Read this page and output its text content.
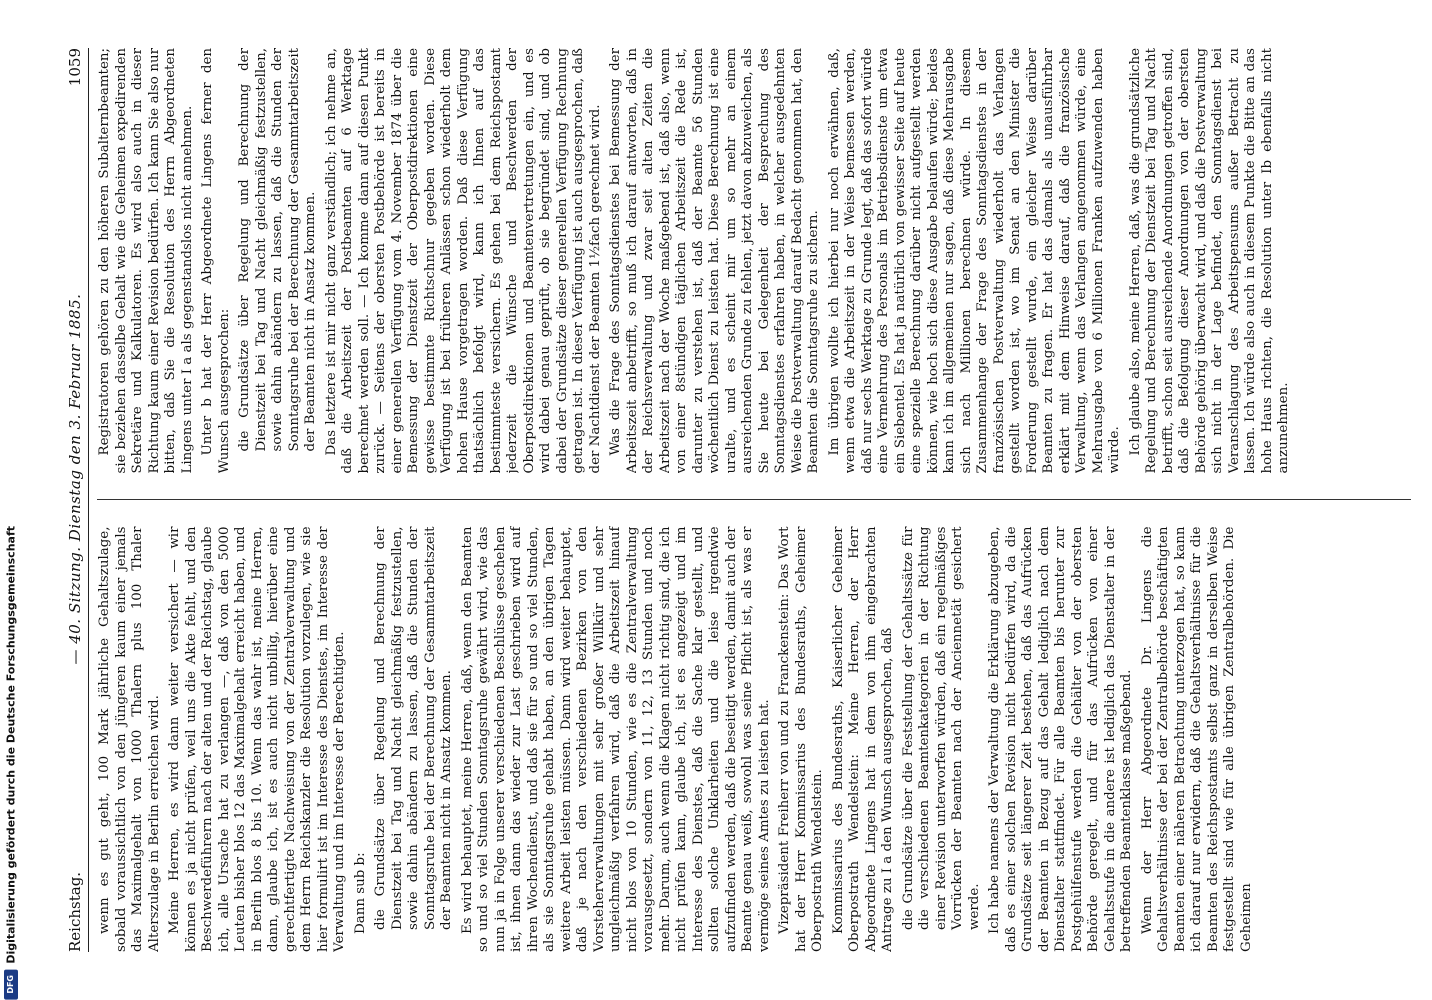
DFG
Digitalisierung gefördert durch die Deutsche Forschungsgemeinschaft	Reichstag.
— 40. Sitzung. Dienstag den 3. Februar 1885.
1059

wenn es gut geht, 100 Mark jährliche Gehaltszulage, sobald voraussichtlich von den jüngeren kaum einer jemals das Maximalgehalt von 1000 Thalern plus 100 Thaler Alterszulage in Berlin erreichen wird. Meine Herren, es wird dann weiter versichert — wir können es ja nicht prüfen, weil uns die Akte fehlt, und den Beschwerdeführern nach der alten und der Reichstag, glaube ich, alle Ursache hat zu verlangen —, daß von den 5000 Leuten bisher blos 12 das Maximalgehalt erreicht haben, und in Berlin blos 8 bis 10. Wenn das wahr ist, meine Herren, dann, glaube ich, ist es auch nicht unbillig, hierüber eine gerechtfertigte Nachweisung von der Zentralverwaltung und dem Herrn Reichskanzler die Resolution vorzulegen, wie sie hier formulirt ist im Interesse des Dienstes, im Interesse der Verwaltung und im Interesse der Berechtigten. Dann sub b: die Grundsätze über Regelung und Berechnung der Dienstzeit bei Tag und Nacht gleichmäßig festzustellen, sowie dahin abändern zu lassen, daß die Stunden der Sonntagsruhe bei der Berechnung der Gesammtarbeitszeit der Beamten nicht in Ansatz kommen. Es wird behauptet, meine Herren, daß, wenn den Beamten so und so viel Stunden Sonntagsruhe gewährt wird, wie das nun ja in Folge unserer verschiedenen Beschlüsse geschehen ist, ihnen dann das wieder zur Last geschrieben wird auf ihren Wochendienst, und daß sie für so und so viel Stunden, als sie Sonntagsruhe gehabt haben, an den übrigen Tagen weitere Arbeit leisten müssen. Dann wird weiter behauptet, daß je nach den verschiedenen Bezirken von den Vorsteherverwaltungen mit sehr großer Willkür und sehr ungleichmäßig verfahren wird, daß die Arbeitszeit hinauf nicht blos von 10 Stunden, wie es die Zentralverwaltung vorausgesetzt, sondern von 11, 12, 13 Stunden und noch mehr. Darum, auch wenn die Klagen nicht richtig sind, die ich nicht prüfen kann, glaube ich, ist es angezeigt und im Interesse des Dienstes, daß die Sache klar gestellt, und sollten solche Unklarheiten und die leise irgendwie aufzufinden werden, daß die beseitigt werden, damit auch der Beamte genau weiß, sowohl was seine Pflicht ist, als was er vermöge seines Amtes zu leisten hat. Vizepräsident Freiherr von und zu Franckenstein: Das Wort hat der Herr Kommissarius des Bundesraths, Geheimer Oberpostrath Wendelstein. Kommissarius des Bundesraths, Kaiserlicher Geheimer Oberpostrath Wendelstein: Meine Herren, der Herr Abgeordnete Lingens hat in dem von ihm eingebrachten Antrage zu I a den Wunsch ausgesprochen, daß die Grundsätze über die Feststellung der Gehaltssätze für die verschiedenen Beamtenkategorien in der Richtung einer Revision unterworfen würden, daß ein regelmäßiges Vorrücken der Beamten nach der Anciennetät gesichert werde. Ich habe namens der Verwaltung die Erklärung abzugeben, daß es einer solchen Revision nicht bedürfen wird, da die Grundsätze seit längerer Zeit bestehen, daß das Aufrücken der Beamten in Bezug auf das Gehalt lediglich nach dem Dienstalter stattfindet. Für alle Beamten bis herunter zur Postgehülfenstufe werden die Gehälter von der obersten Behörde geregelt, und für das Aufrücken von einer Gehaltsstufe in die andere ist lediglich das Dienstalter in der betreffenden Beamtenklasse maßgebend. Wenn der Herr Abgeordnete Dr. Lingens die Gehaltsverhältnisse der bei der Zentralbehörde beschäftigten Beamten einer näheren Betrachtung unterzogen hat, so kann ich darauf nur erwidern, daß die Gehaltsverhältnisse für die Beamten des Reichspostamts selbst ganz in derselben Weise festgestellt sind wie für alle übrigen Zentralbehörden. Die Geheimen

Registratoren gehören zu den höheren Subalternbeamten; sie beziehen dasselbe Gehalt wie die Geheimen expedirenden Sekretäre und Kalkulatoren. Es wird also auch in dieser Richtung kaum einer Revision bedürfen. Ich kann Sie also nur bitten, daß Sie die Resolution des Herrn Abgeordneten Lingens unter I a als gegenstandslos nicht annehmen. Unter b hat der Herr Abgeordnete Lingens ferner den Wunsch ausgesprochen: die Grundsätze über Regelung und Berechnung der Dienstzeit bei Tag und Nacht gleichmäßig festzustellen, sowie dahin abändern zu lassen, daß die Stunden der Sonntagsruhe bei der Berechnung der Gesammtarbeitszeit der Beamten nicht in Ansatz kommen. Das letztere ist mir nicht ganz verständlich; ich nehme an, daß die Arbeitszeit der Postbeamten auf 6 Werktage berechnet werden soll. — Ich komme dann auf diesen Punkt zurück. — Seitens der obersten Postbehörde ist bereits in einer generellen Verfügung vom 4. November 1874 über die Bemessung der Dienstzeit der Oberpostdirektionen eine gewisse bestimmte Richtschnur gegeben worden. Diese Verfügung ist bei früheren Anlässen schon wiederholt dem hohen Hause vorgetragen worden. Daß diese Verfügung thatsächlich befolgt wird, kann ich Ihnen auf das bestimmteste versichern. Es gehen bei dem Reichspostamt jederzeit die Wünsche und Beschwerden der Oberpostdirektionen und Beamtenvertretungen ein, und es wird dabei genau geprüft, ob sie begründet sind, und ob dabei der Grundsätze dieser generellen Verfügung Rechnung getragen ist. In dieser Verfügung ist auch ausgesprochen, daß der Nachtdienst der Beamten 1½fach gerechnet wird. Was die Frage des Sonntagsdienstes bei Bemessung der Arbeitszeit anbetrifft, so muß ich darauf antworten, daß in der Reichsverwaltung und zwar seit alten Zeiten die Arbeitszeit nach der Woche maßgebend ist, daß also, wenn von einer 8stündigen täglichen Arbeitszeit die Rede ist, darunter zu verstehen ist, daß der Beamte 56 Stunden wöchentlich Dienst zu leisten hat. Diese Berechnung ist eine uralte, und es scheint mir um so mehr an einem ausreichenden Grunde zu fehlen, jetzt davon abzuweichen, als Sie heute bei Gelegenheit der Besprechung des Sonntagsdienstes erfahren haben, in welcher ausgedehnten Weise die Postverwaltung darauf Bedacht genommen hat, den Beamten die Sonntagsruhe zu sichern. Im übrigen wollte ich hierbei nur noch erwähnen, daß, wenn etwa die Arbeitszeit in der Weise bemessen werden, daß nur sechs Werktage zu Grunde legt, daß das sofort würde eine Vermehrung des Personals im Betriebsdienste um etwa ein Siebentel. Es hat ja natürlich von gewisser Seite auf heute eine spezielle Berechnung darüber nicht aufgestellt werden können, wie hoch sich diese Ausgabe belaufen würde; beides kann ich im allgemeinen nur sagen, daß diese Mehrausgabe sich nach Millionen berechnen würde. In diesem Zusammenhange der Frage des Sonntagsdienstes in der französischen Postverwaltung wiederholt das Verlangen gestellt worden ist, wo im Senat an den Minister die Forderung gestellt wurde, ein gleicher Weise darüber Beamten zu fragen. Er hat das damals als unausführbar erklärt mit dem Hinweise darauf, daß die französische Verwaltung, wenn das Verlangen angenommen würde, eine Mehrausgabe von 6 Millionen Franken aufzuwenden haben würde. Ich glaube also, meine Herren, daß, was die grundsätzliche Regelung und Berechnung der Dienstzeit bei Tag und Nacht betrifft, schon seit ausreichende Anordnungen getroffen sind, daß die Befolgung dieser Anordnungen von der obersten Behörde gehörig überwacht wird, und daß die Postverwaltung sich nicht in der Lage befindet, den Sonntagsdienst bei Veranschlagung des Arbeitspensums außer Betracht zu lassen. Ich würde also auch in diesem Punkte die Bitte an das hohe Haus richten, die Resolution unter Ib ebenfalls nicht anzunehmen.
